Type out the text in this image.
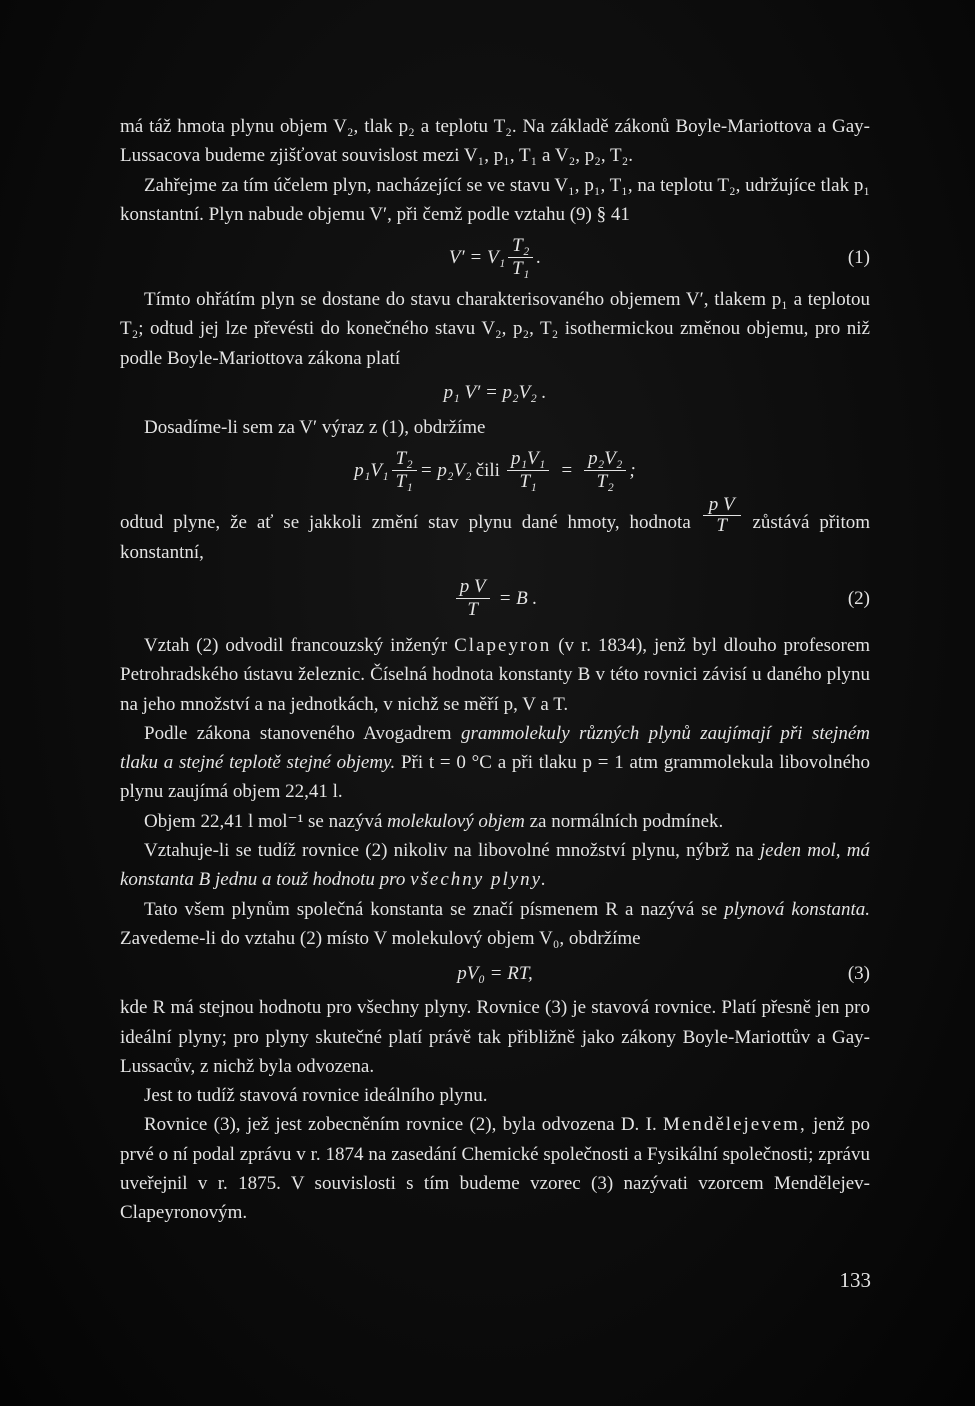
má táž hmota plynu objem V₂, tlak p₂ a teplotu T₂. Na základě zákonů Boyle-Mariottova a Gay-Lussacova budeme zjišťovat souvislost mezi V₁, p₁, T₁ a V₂, p₂, T₂.

Zahřejme za tím účelem plyn, nacházející se ve stavu V₁, p₁, T₁, na teplotu T₂, udržujíce tlak p₁ konstantní. Plyn nabude objemu V′, při čemž podle vztahu (9) § 41

$V' = V_1 \frac{\text{T₂}}{\text{T₁}}$ .	(1)

Tímto ohřátím plyn se dostane do stavu charakterisovaného objemem V′, tlakem p₁ a teplotou T₂; odtud jej lze převésti do konečného stavu V₂, p₂, T₂ isothermickou změnou objemu, pro niž podle Boyle-Mariottova zákona platí

p₁ V′ = p₂V₂ .

Dosadíme-li sem za V′ výraz z (1), obdržíme

$p_1V_1 \frac{\text{T₂}}{\text{T₁}} = p_2V_2$ čili $\frac{\text{p₁V₁}}{\text{T₁}} = \frac{\text{p₂V₂}}{\text{T₂}}$ ;

odtud plyne, že ať se jakkoli změní stav plynu dané hmoty, hodnota $\frac{\text{p V}}{T}$ zůstává přitom konstantní,

$\frac{\text{p V}}{T} = B$ .	(2)

Vztah (2) odvodil francouzský inženýr Clapeyron (v r. 1834), jenž byl dlouho profesorem Petrohradského ústavu železnic. Číselná hodnota konstanty B v této rovnici závisí u daného plynu na jeho množství a na jednotkách, v nichž se měří p, V a T.

Podle zákona stanoveného Avogadrem grammolekuly různých plynů zaujímají při stejném tlaku a stejné teplotě stejné objemy. Při t = 0 °C a při tlaku p = 1 atm grammolekula libovolného plynu zaujímá objem 22,41 l.

Objem 22,41 l mol⁻¹ se nazývá molekulový objem za normálních podmínek.

Vztahuje-li se tudíž rovnice (2) nikoliv na libovolné množství plynu, nýbrž na jeden mol, má konstanta B jednu a touž hodnotu pro všechny plyny.

Tato všem plynům společná konstanta se značí písmenem R a nazývá se plynová konstanta. Zavedeme-li do vztahu (2) místo V molekulový objem V₀, obdržíme

pV₀ = RT,	(3)

kde R má stejnou hodnotu pro všechny plyny. Rovnice (3) je stavová rovnice. Platí přesně jen pro ideální plyny; pro plyny skutečné platí právě tak přibližně jako zákony Boyle-Mariottův a Gay-Lussacův, z nichž byla odvozena.

Jest to tudíž stavová rovnice ideálního plynu.

Rovnice (3), jež jest zobecněním rovnice (2), byla odvozena D. I. Mendělejevem, jenž po prvé o ní podal zprávu v r. 1874 na zasedání Chemické společnosti a Fysikální společnosti; zprávu uveřejnil v r. 1875. V souvislosti s tím budeme vzorec (3) nazývati vzorcem Mendělejev-Clapeyronovým.

133
